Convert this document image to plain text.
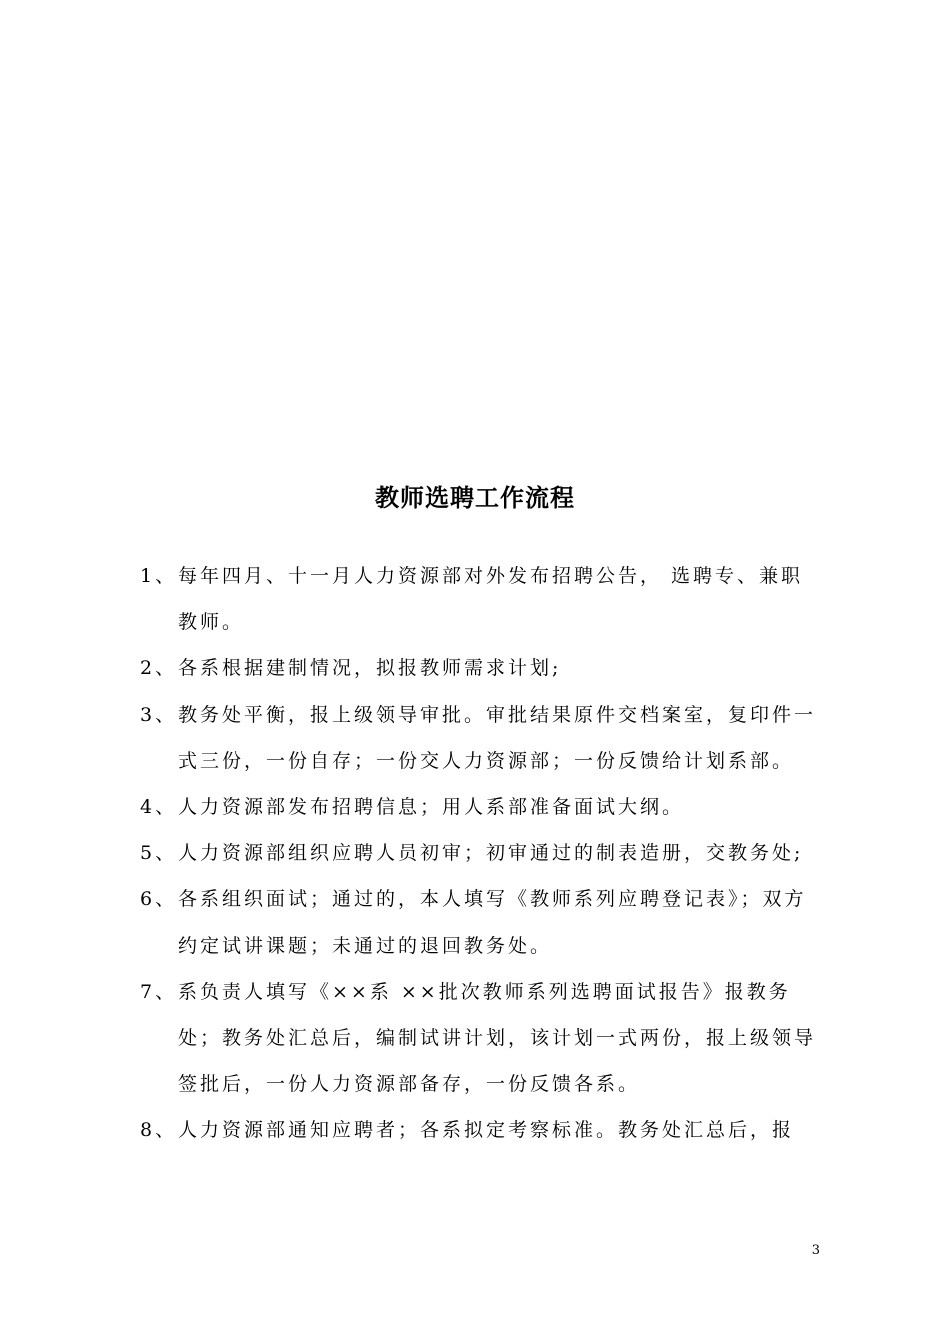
教师选聘工作流程
1、 每年四月、十一月人力资源部对外发布招聘公告， 选聘专、兼职教师。
2、 各系根据建制情况，拟报教师需求计划;
3、 教务处平衡，报上级领导审批。审批结果原件交档案室，复印件一式三份，一份自存；一份交人力资源部；一份反馈给计划系部。
4、 人力资源部发布招聘信息；用人系部准备面试大纲。
5、 人力资源部组织应聘人员初审；初审通过的制表造册，交教务处;
6、 各系组织面试；通过的，本人填写《教师系列应聘登记表》；双方约定试讲课题；未通过的退回教务处。
7、 系负责人填写《××系 ××批次教师系列选聘面试报告》报教务处；教务处汇总后，编制试讲计划，该计划一式两份，报上级领导签批后，一份人力资源部备存，一份反馈各系。
8、 人力资源部通知应聘者；各系拟定考察标准。教务处汇总后，报
3
